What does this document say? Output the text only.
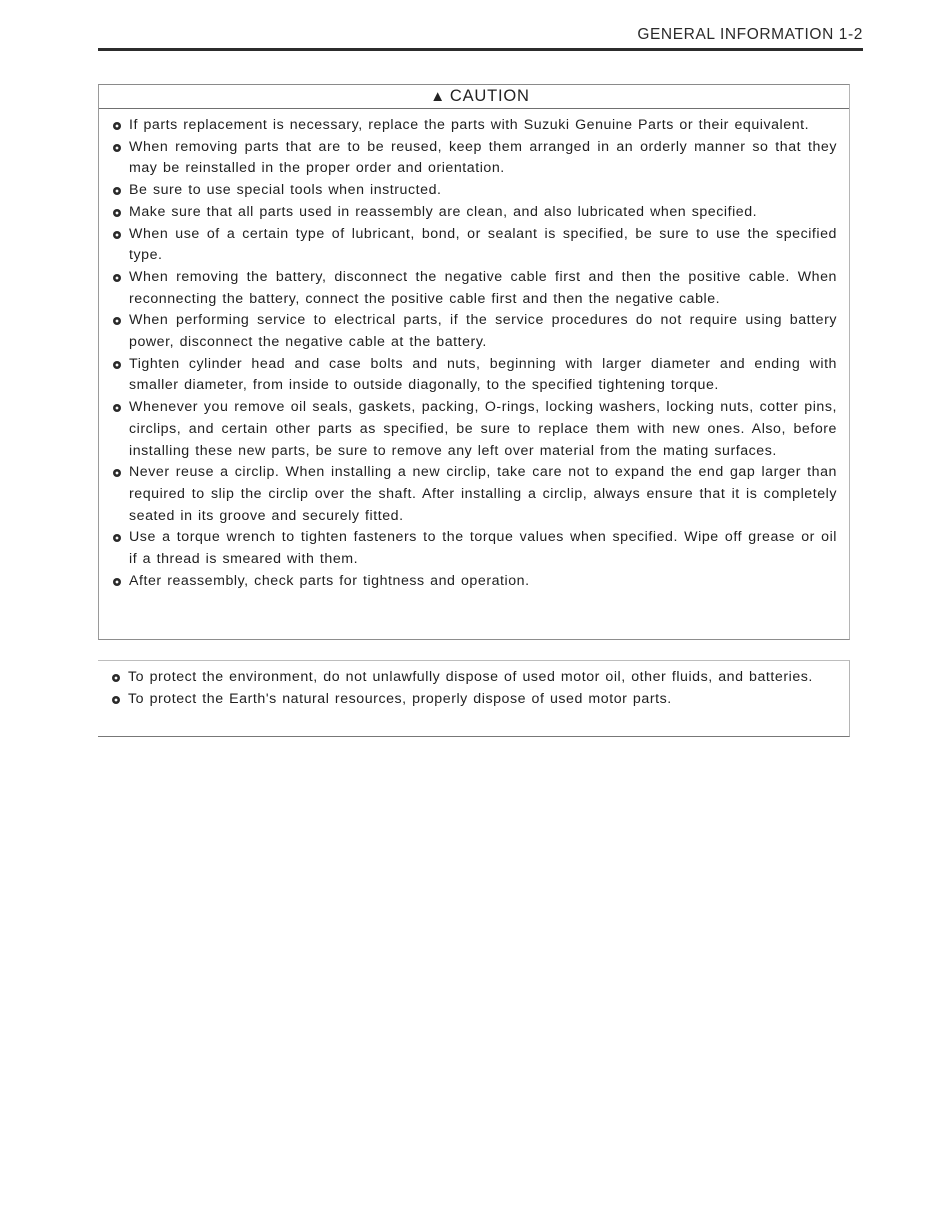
GENERAL INFORMATION 1-2
▲ CAUTION
If parts replacement is necessary, replace the parts with Suzuki Genuine Parts or their equivalent.
When removing parts that are to be reused, keep them arranged in an orderly manner so that they may be reinstalled in the proper order and orientation.
Be sure to use special tools when instructed.
Make sure that all parts used in reassembly are clean, and also lubricated when specified.
When use of a certain type of lubricant, bond, or sealant is specified, be sure to use the specified type.
When removing the battery, disconnect the negative cable first and then the positive cable. When reconnecting the battery, connect the positive cable first and then the negative cable.
When performing service to electrical parts, if the service procedures do not require using battery power, disconnect the negative cable at the battery.
Tighten cylinder head and case bolts and nuts, beginning with larger diameter and ending with smaller diameter, from inside to outside diagonally, to the specified tightening torque.
Whenever you remove oil seals, gaskets, packing, O-rings, locking washers, locking nuts, cotter pins, circlips, and certain other parts as specified, be sure to replace them with new ones. Also, before installing these new parts, be sure to remove any left over material from the mating surfaces.
Never reuse a circlip. When installing a new circlip, take care not to expand the end gap larger than required to slip the circlip over the shaft. After installing a circlip, always ensure that it is completely seated in its groove and securely fitted.
Use a torque wrench to tighten fasteners to the torque values when specified. Wipe off grease or oil if a thread is smeared with them.
After reassembly, check parts for tightness and operation.
To protect the environment, do not unlawfully dispose of used motor oil, other fluids, and batteries.
To protect the Earth's natural resources, properly dispose of used motor parts.
